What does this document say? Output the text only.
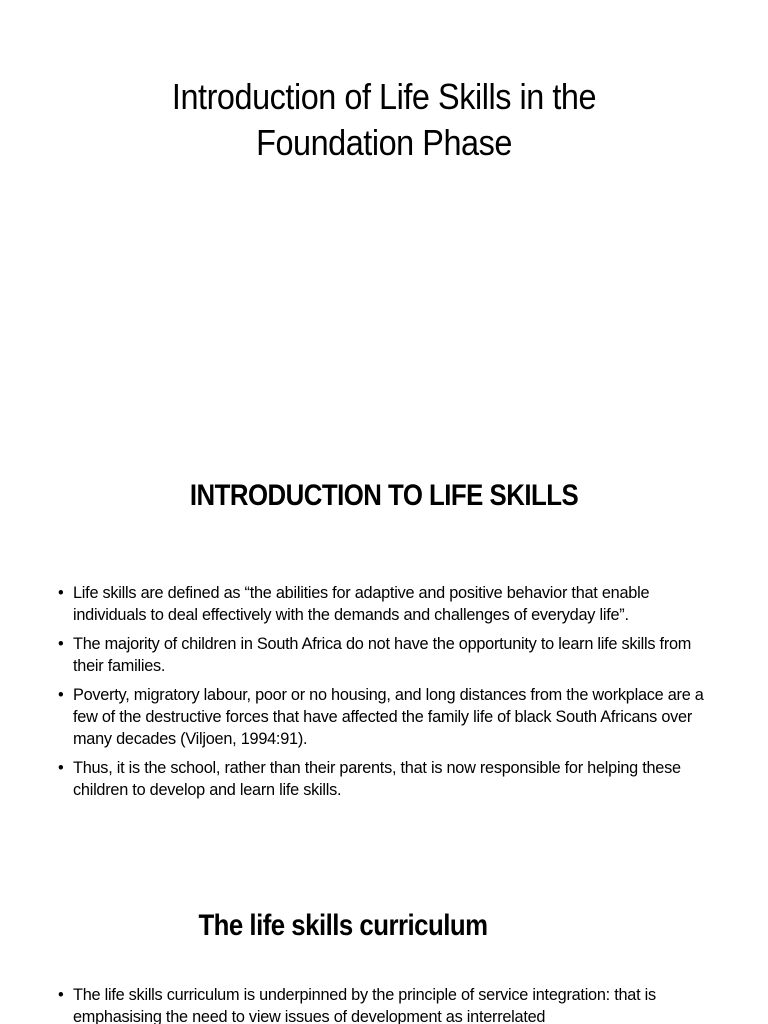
Introduction of Life Skills in the
Foundation Phase
INTRODUCTION TO LIFE SKILLS
• Life skills are defined as “the abilities for adaptive and positive behavior that enable individuals to deal effectively with the demands and challenges of everyday life”.
• The majority of children in South Africa do not have the opportunity to learn life skills from their families.
• Poverty, migratory labour, poor or no housing, and long distances from the workplace are a few of the destructive forces that have affected the family life of black South Africans over many decades (Viljoen, 1994:91).
• Thus, it is the school, rather than their parents, that is now responsible for helping these children to develop and learn life skills.
The life skills curriculum
• The life skills curriculum is underpinned by the principle of service integration: that is emphasising the need to view issues of development as interrelated
